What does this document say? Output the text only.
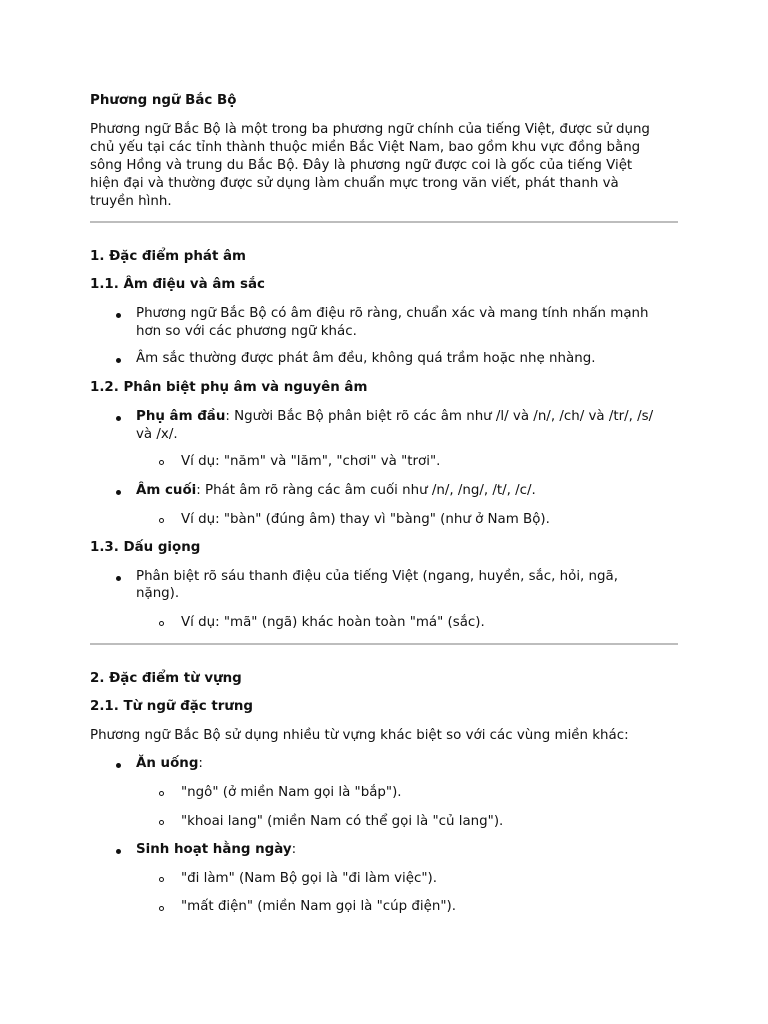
Phương ngữ Bắc Bộ
Phương ngữ Bắc Bộ là một trong ba phương ngữ chính của tiếng Việt, được sử dụng
chủ yếu tại các tỉnh thành thuộc miền Bắc Việt Nam, bao gồm khu vực đồng bằng
sông Hồng và trung du Bắc Bộ. Đây là phương ngữ được coi là gốc của tiếng Việt
hiện đại và thường được sử dụng làm chuẩn mực trong văn viết, phát thanh và
truyền hình.
1. Đặc điểm phát âm
1.1. Âm điệu và âm sắc
Phương ngữ Bắc Bộ có âm điệu rõ ràng, chuẩn xác và mang tính nhấn mạnh
hơn so với các phương ngữ khác.
Âm sắc thường được phát âm đều, không quá trầm hoặc nhẹ nhàng.
1.2. Phân biệt phụ âm và nguyên âm
Phụ âm đầu: Người Bắc Bộ phân biệt rõ các âm như /l/ và /n/, /ch/ và /tr/, /s/
và /x/.
Ví dụ: "năm" và "lăm", "chơi" và "trơi".
Âm cuối: Phát âm rõ ràng các âm cuối như /n/, /ng/, /t/, /c/.
Ví dụ: "bàn" (đúng âm) thay vì "bàng" (như ở Nam Bộ).
1.3. Dấu giọng
Phân biệt rõ sáu thanh điệu của tiếng Việt (ngang, huyền, sắc, hỏi, ngã,
nặng).
Ví dụ: "mã" (ngã) khác hoàn toàn "má" (sắc).
2. Đặc điểm từ vựng
2.1. Từ ngữ đặc trưng
Phương ngữ Bắc Bộ sử dụng nhiều từ vựng khác biệt so với các vùng miền khác:
Ăn uống:
"ngô" (ở miền Nam gọi là "bắp").
"khoai lang" (miền Nam có thể gọi là "củ lang").
Sinh hoạt hằng ngày:
"đi làm" (Nam Bộ gọi là "đi làm việc").
"mất điện" (miền Nam gọi là "cúp điện").
